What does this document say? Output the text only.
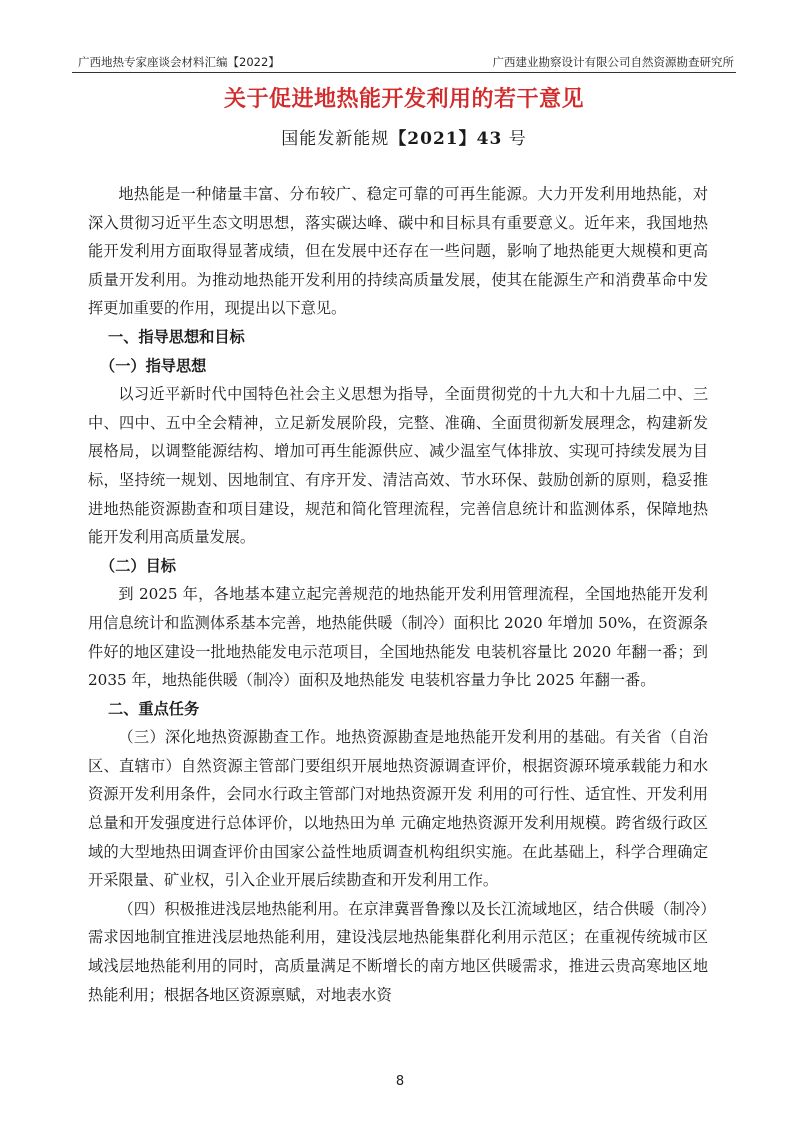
广西地热专家座谈会材料汇编【2022】	广西建业勘察设计有限公司自然资源勘查研究所
关于促进地热能开发利用的若干意见
国能发新能规【2021】43 号

地热能是一种储量丰富、分布较广、稳定可靠的可再生能源。大力开发利用地热能，对深入贯彻习近平生态文明思想，落实碳达峰、碳中和目标具有重要意义。近年来，我国地热能开发利用方面取得显著成绩，但在发展中还存在一些问题，影响了地热能更大规模和更高质量开发利用。为推动地热能开发利用的持续高质量发展，使其在能源生产和消费革命中发挥更加重要的作用，现提出以下意见。

一、指导思想和目标

（一）指导思想

以习近平新时代中国特色社会主义思想为指导，全面贯彻党的十九大和十九届二中、三中、四中、五中全会精神，立足新发展阶段，完整、准确、全面贯彻新发展理念，构建新发展格局，以调整能源结构、增加可再生能源供应、减少温室气体排放、实现可持续发展为目标，坚持统一规划、因地制宜、有序开发、清洁高效、节水环保、鼓励创新的原则，稳妥推进地热能资源勘查和项目建设，规范和简化管理流程，完善信息统计和监测体系，保障地热能开发利用高质量发展。

（二）目标

到 2025 年，各地基本建立起完善规范的地热能开发利用管理流程，全国地热能开发利用信息统计和监测体系基本完善，地热能供暖（制冷）面积比 2020 年增加 50%，在资源条件好的地区建设一批地热能发电示范项目，全国地热能发 电装机容量比 2020 年翻一番；到 2035 年，地热能供暖（制冷）面积及地热能发 电装机容量力争比 2025 年翻一番。

二、重点任务

（三）深化地热资源勘查工作。地热资源勘查是地热能开发利用的基础。有关省（自治区、直辖市）自然资源主管部门要组织开展地热资源调查评价，根据资源环境承载能力和水资源开发利用条件，会同水行政主管部门对地热资源开发 利用的可行性、适宜性、开发利用总量和开发强度进行总体评价，以地热田为单 元确定地热资源开发利用规模。跨省级行政区域的大型地热田调查评价由国家公益性地质调查机构组织实施。在此基础上，科学合理确定开采限量、矿业权，引入企业开展后续勘查和开发利用工作。

（四）积极推进浅层地热能利用。在京津冀晋鲁豫以及长江流域地区，结合供暖（制冷）需求因地制宜推进浅层地热能利用，建设浅层地热能集群化利用示范区；在重视传统城市区域浅层地热能利用的同时，高质量满足不断增长的南方地区供暖需求，推进云贵高寒地区地热能利用；根据各地区资源禀赋，对地表水资

8
